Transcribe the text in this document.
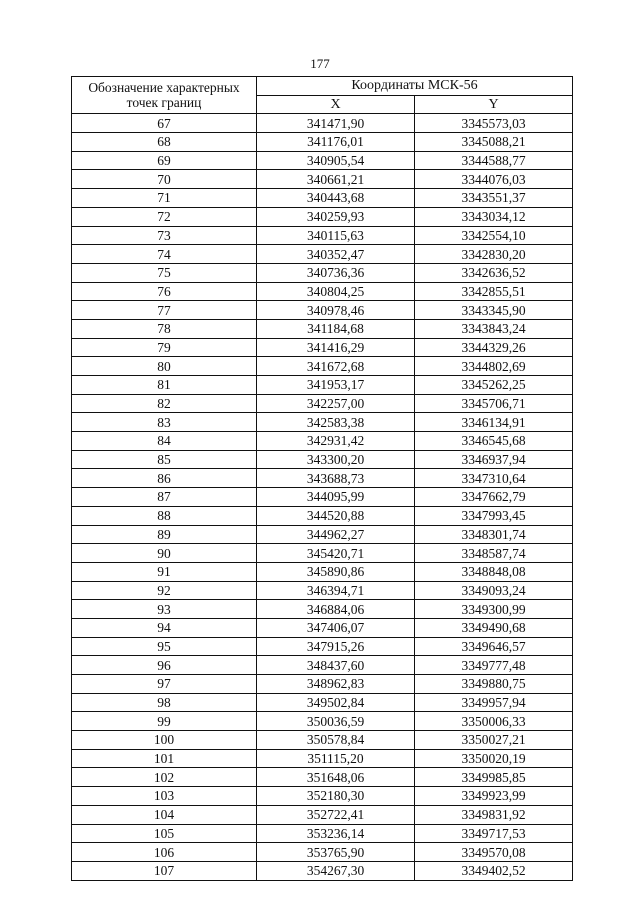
177
Обозначение характерных точек границ	Координаты МСК-56	
	X	Y
67	341471,90	3345573,03
68	341176,01	3345088,21
69	340905,54	3344588,77
70	340661,21	3344076,03
71	340443,68	3343551,37
72	340259,93	3343034,12
73	340115,63	3342554,10
74	340352,47	3342830,20
75	340736,36	3342636,52
76	340804,25	3342855,51
77	340978,46	3343345,90
78	341184,68	3343843,24
79	341416,29	3344329,26
80	341672,68	3344802,69
81	341953,17	3345262,25
82	342257,00	3345706,71
83	342583,38	3346134,91
84	342931,42	3346545,68
85	343300,20	3346937,94
86	343688,73	3347310,64
87	344095,99	3347662,79
88	344520,88	3347993,45
89	344962,27	3348301,74
90	345420,71	3348587,74
91	345890,86	3348848,08
92	346394,71	3349093,24
93	346884,06	3349300,99
94	347406,07	3349490,68
95	347915,26	3349646,57
96	348437,60	3349777,48
97	348962,83	3349880,75
98	349502,84	3349957,94
99	350036,59	3350006,33
100	350578,84	3350027,21
101	351115,20	3350020,19
102	351648,06	3349985,85
103	352180,30	3349923,99
104	352722,41	3349831,92
105	353236,14	3349717,53
106	353765,90	3349570,08
107	354267,30	3349402,52
